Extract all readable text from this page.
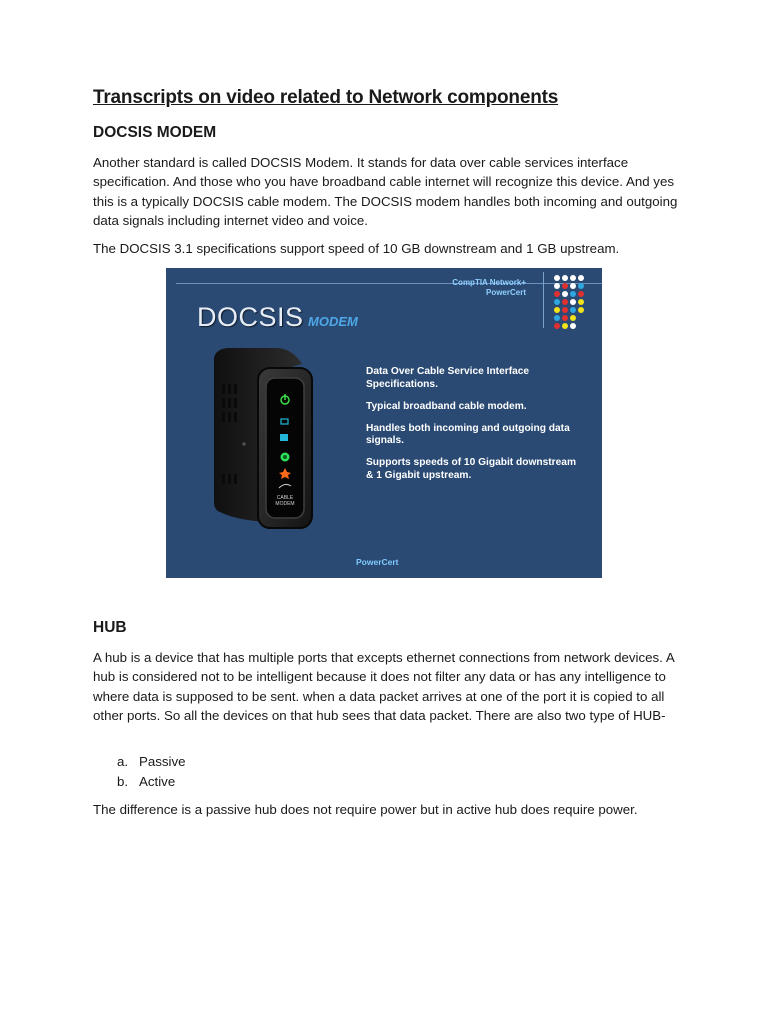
Transcripts on video related to Network components
DOCSIS MODEM

Another standard is called DOCSIS Modem. It stands for data over cable services interface specification. And those who you have broadband cable internet will recognize this device. And yes this is a typically DOCSIS cable modem. The DOCSIS modem handles both incoming and outgoing data signals including internet video and voice.

The DOCSIS 3.1 specifications support speed of 10 GB downstream and 1 GB upstream.

CompTIA Network+
PowerCert
DOCSIS MODEM
CABLE
MODEM
Data Over Cable Service Interface Specifications.
Typical broadband cable modem.
Handles both incoming and outgoing data signals.
Supports speeds of 10 Gigabit downstream & 1 Gigabit upstream.
PowerCert
HUB

A hub is a device that has multiple ports that excepts ethernet connections from network devices. A hub is considered not to be intelligent because it does not filter any data or has any intelligence to where data is supposed to be sent. when a data packet arrives at one of the port it is copied to all other ports. So all the devices on that hub sees that data packet. There are also two type of HUB-

a. Passive
b. Active

The difference is a passive hub does not require power but in active hub does require power.
